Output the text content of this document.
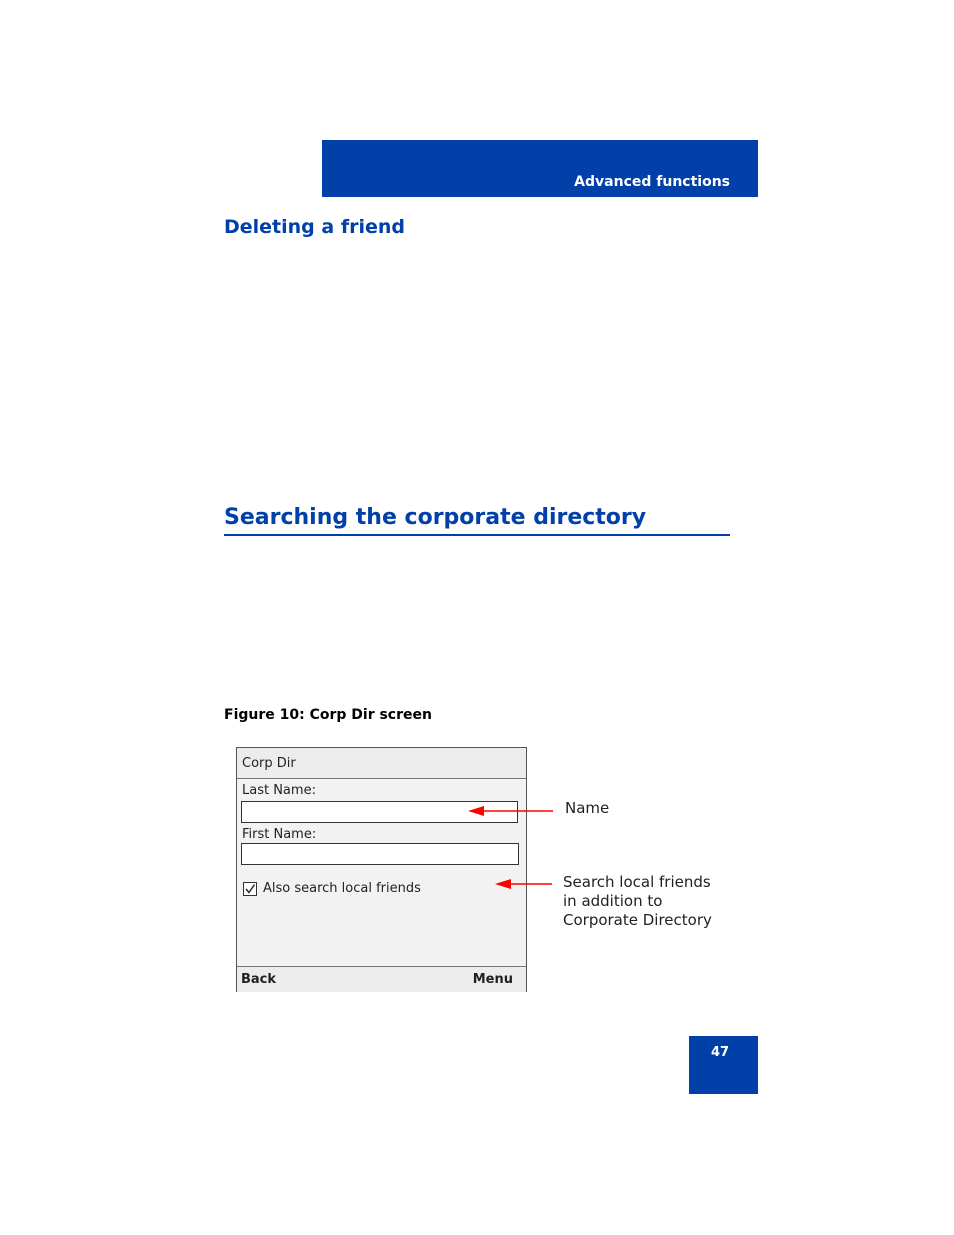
Advanced functions
Deleting a friend
Searching the corporate directory
Figure 10: Corp Dir screen
Corp Dir
Last Name:
First Name:
Also search local friends
Back	Menu
Name
Search local friends
in addition to
Corporate Directory
47
